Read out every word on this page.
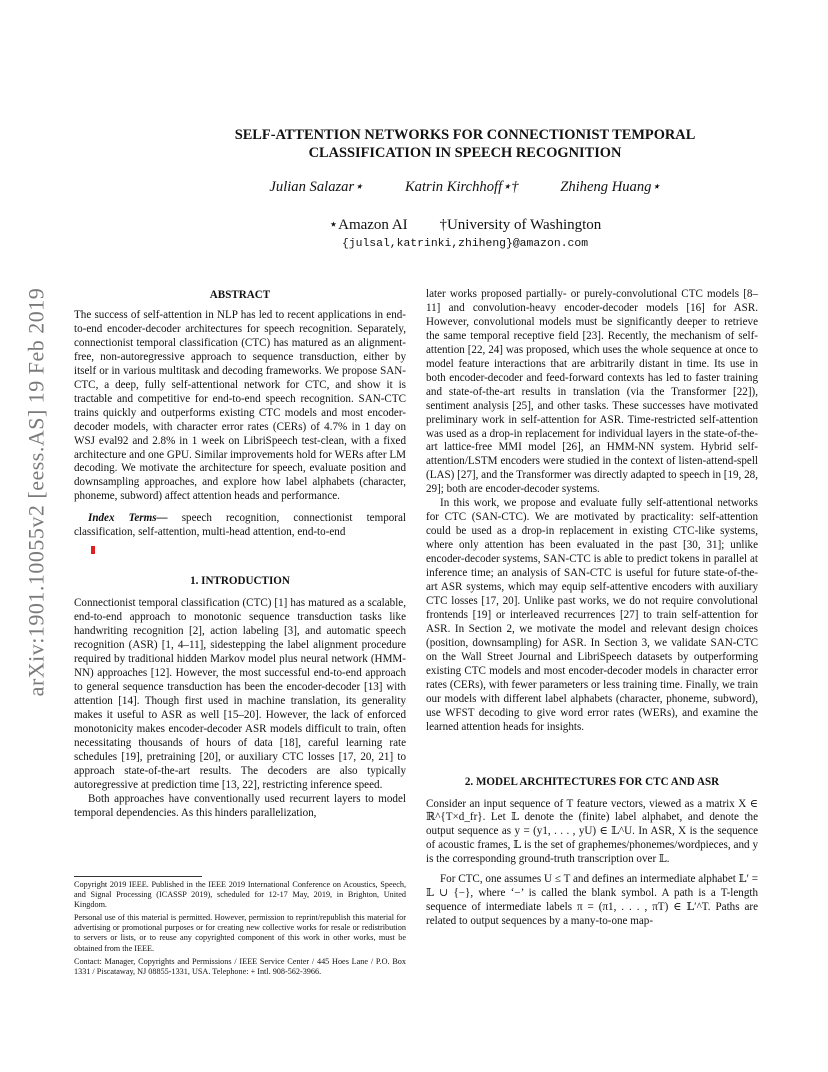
arXiv:1901.10055v2 [eess.AS] 19 Feb 2019
SELF-ATTENTION NETWORKS FOR CONNECTIONIST TEMPORAL
CLASSIFICATION IN SPEECH RECOGNITION
Julian Salazar⋆	Katrin Kirchhoff⋆†	Zhiheng Huang⋆
⋆Amazon AI †University of Washington
{julsal,katrinki,zhiheng}@amazon.com
ABSTRACT

The success of self-attention in NLP has led to recent applications in end-to-end encoder-decoder architectures for speech recognition. Separately, connectionist temporal classification (CTC) has matured as an alignment-free, non-autoregressive approach to sequence transduction, either by itself or in various multitask and decoding frameworks. We propose SAN-CTC, a deep, fully self-attentional network for CTC, and show it is tractable and competitive for end-to-end speech recognition. SAN-CTC trains quickly and outperforms existing CTC models and most encoder-decoder models, with character error rates (CERs) of 4.7% in 1 day on WSJ eval92 and 2.8% in 1 week on LibriSpeech test-clean, with a fixed architecture and one GPU. Similar improvements hold for WERs after LM decoding. We motivate the architecture for speech, evaluate position and downsampling approaches, and explore how label alphabets (character, phoneme, subword) affect attention heads and performance.

Index Terms— speech recognition, connectionist temporal classification, self-attention, multi-head attention, end-to-end

1. INTRODUCTION

Connectionist temporal classification (CTC) [1] has matured as a scalable, end-to-end approach to monotonic sequence transduction tasks like handwriting recognition [2], action labeling [3], and automatic speech recognition (ASR) [1, 4–11], sidestepping the label alignment procedure required by traditional hidden Markov model plus neural network (HMM-NN) approaches [12]. However, the most successful end-to-end approach to general sequence transduction has been the encoder-decoder [13] with attention [14]. Though first used in machine translation, its generality makes it useful to ASR as well [15–20]. However, the lack of enforced monotonicity makes encoder-decoder ASR models difficult to train, often necessitating thousands of hours of data [18], careful learning rate schedules [19], pretraining [20], or auxiliary CTC losses [17, 20, 21] to approach state-of-the-art results. The decoders are also typically autoregressive at prediction time [13, 22], restricting inference speed.

Both approaches have conventionally used recurrent layers to model temporal dependencies. As this hinders parallelization,

Copyright 2019 IEEE. Published in the IEEE 2019 International Conference on Acoustics, Speech, and Signal Processing (ICASSP 2019), scheduled for 12-17 May, 2019, in Brighton, United Kingdom.

Personal use of this material is permitted. However, permission to reprint/republish this material for advertising or promotional purposes or for creating new collective works for resale or redistribution to servers or lists, or to reuse any copyrighted component of this work in other works, must be obtained from the IEEE.

Contact: Manager, Copyrights and Permissions / IEEE Service Center / 445 Hoes Lane / P.O. Box 1331 / Piscataway, NJ 08855-1331, USA. Telephone: + Intl. 908-562-3966.

later works proposed partially- or purely-convolutional CTC models [8–11] and convolution-heavy encoder-decoder models [16] for ASR. However, convolutional models must be significantly deeper to retrieve the same temporal receptive field [23]. Recently, the mechanism of self-attention [22, 24] was proposed, which uses the whole sequence at once to model feature interactions that are arbitrarily distant in time. Its use in both encoder-decoder and feed-forward contexts has led to faster training and state-of-the-art results in translation (via the Transformer [22]), sentiment analysis [25], and other tasks. These successes have motivated preliminary work in self-attention for ASR. Time-restricted self-attention was used as a drop-in replacement for individual layers in the state-of-the-art lattice-free MMI model [26], an HMM-NN system. Hybrid self-attention/LSTM encoders were studied in the context of listen-attend-spell (LAS) [27], and the Transformer was directly adapted to speech in [19, 28, 29]; both are encoder-decoder systems.

In this work, we propose and evaluate fully self-attentional networks for CTC (SAN-CTC). We are motivated by practicality: self-attention could be used as a drop-in replacement in existing CTC-like systems, where only attention has been evaluated in the past [30, 31]; unlike encoder-decoder systems, SAN-CTC is able to predict tokens in parallel at inference time; an analysis of SAN-CTC is useful for future state-of-the-art ASR systems, which may equip self-attentive encoders with auxiliary CTC losses [17, 20]. Unlike past works, we do not require convolutional frontends [19] or interleaved recurrences [27] to train self-attention for ASR. In Section 2, we motivate the model and relevant design choices (position, downsampling) for ASR. In Section 3, we validate SAN-CTC on the Wall Street Journal and LibriSpeech datasets by outperforming existing CTC models and most encoder-decoder models in character error rates (CERs), with fewer parameters or less training time. Finally, we train our models with different label alphabets (character, phoneme, subword), use WFST decoding to give word error rates (WERs), and examine the learned attention heads for insights.

2. MODEL ARCHITECTURES FOR CTC AND ASR

Consider an input sequence of T feature vectors, viewed as a matrix X ∈ ℝ^{T×d_fr}. Let 𝕃 denote the (finite) label alphabet, and denote the output sequence as y = (y1, . . . , yU) ∈ 𝕃^U. In ASR, X is the sequence of acoustic frames, 𝕃 is the set of graphemes/phonemes/wordpieces, and y is the corresponding ground-truth transcription over 𝕃.

For CTC, one assumes U ≤ T and defines an intermediate alphabet 𝕃′ = 𝕃 ∪ {−}, where ‘−’ is called the blank symbol. A path is a T-length sequence of intermediate labels π = (π1, . . . , πT) ∈ 𝕃′^T. Paths are related to output sequences by a many-to-one map-
